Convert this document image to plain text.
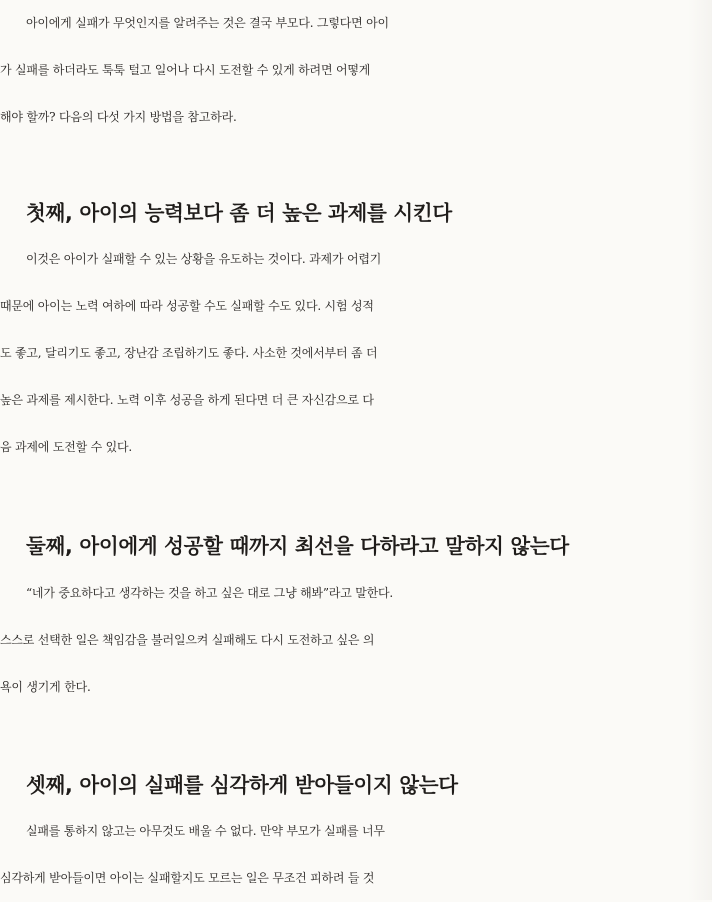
아이에게 실패가 무엇인지를 알려주는 것은 결국 부모다. 그렇다면 아이
가 실패를 하더라도 툭툭 털고 일어나 다시 도전할 수 있게 하려면 어떻게
해야 할까? 다음의 다섯 가지 방법을 참고하라.
첫째, 아이의 능력보다 좀 더 높은 과제를 시킨다
이것은 아이가 실패할 수 있는 상황을 유도하는 것이다. 과제가 어렵기
때문에 아이는 노력 여하에 따라 성공할 수도 실패할 수도 있다. 시험 성적
도 좋고, 달리기도 좋고, 장난감 조립하기도 좋다. 사소한 것에서부터 좀 더
높은 과제를 제시한다. 노력 이후 성공을 하게 된다면 더 큰 자신감으로 다
음 과제에 도전할 수 있다.
둘째, 아이에게 성공할 때까지 최선을 다하라고 말하지 않는다
“네가 중요하다고 생각하는 것을 하고 싶은 대로 그냥 해봐”라고 말한다.
스스로 선택한 일은 책임감을 불러일으켜 실패해도 다시 도전하고 싶은 의
욕이 생기게 한다.
셋째, 아이의 실패를 심각하게 받아들이지 않는다
실패를 통하지 않고는 아무것도 배울 수 없다. 만약 부모가 실패를 너무
심각하게 받아들이면 아이는 실패할지도 모르는 일은 무조건 피하려 들 것
